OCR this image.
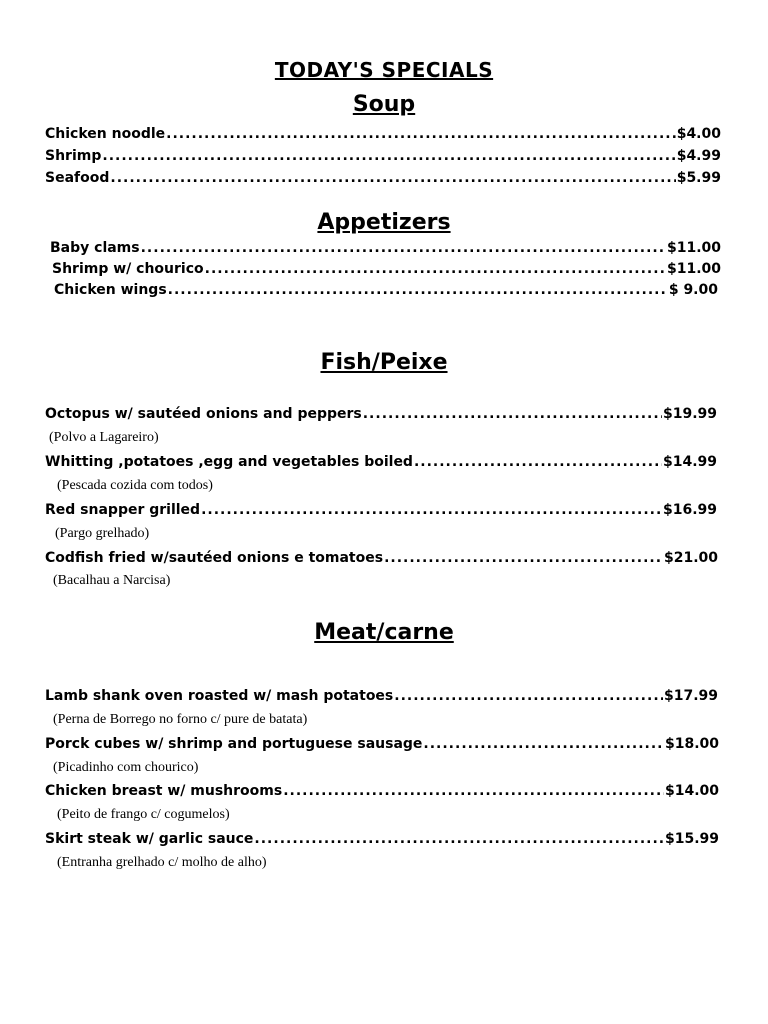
TODAY'S SPECIALS
Soup
Chicken noodle .....	$4.00
Shrimp .....	$4.99
Seafood .....	$5.99
Appetizers
Baby clams .....	$11.00
Shrimp w/ chourico .....	$11.00
Chicken wings .....	$ 9.00
Fish/Peixe
Octopus w/ sautéed onions and peppers .....	$19.99
(Polvo a Lagareiro)
Whitting ,potatoes ,egg and vegetables boiled .....	$14.99
(Pescada cozida com todos)
Red snapper grilled .....	$16.99
(Pargo grelhado)
Codfish fried w/sautéed onions e tomatoes .....	$21.00
(Bacalhau a Narcisa)
Meat/carne
Lamb shank oven roasted w/ mash potatoes .....	$17.99
(Perna de Borrego no forno c/ pure de batata)
Porck cubes w/ shrimp and portuguese sausage .....	$18.00
(Picadinho com chourico)
Chicken breast w/ mushrooms .....	$14.00
(Peito de frango c/ cogumelos)
Skirt steak w/ garlic sauce .....	$15.99
(Entranha grelhado c/ molho de alho)
